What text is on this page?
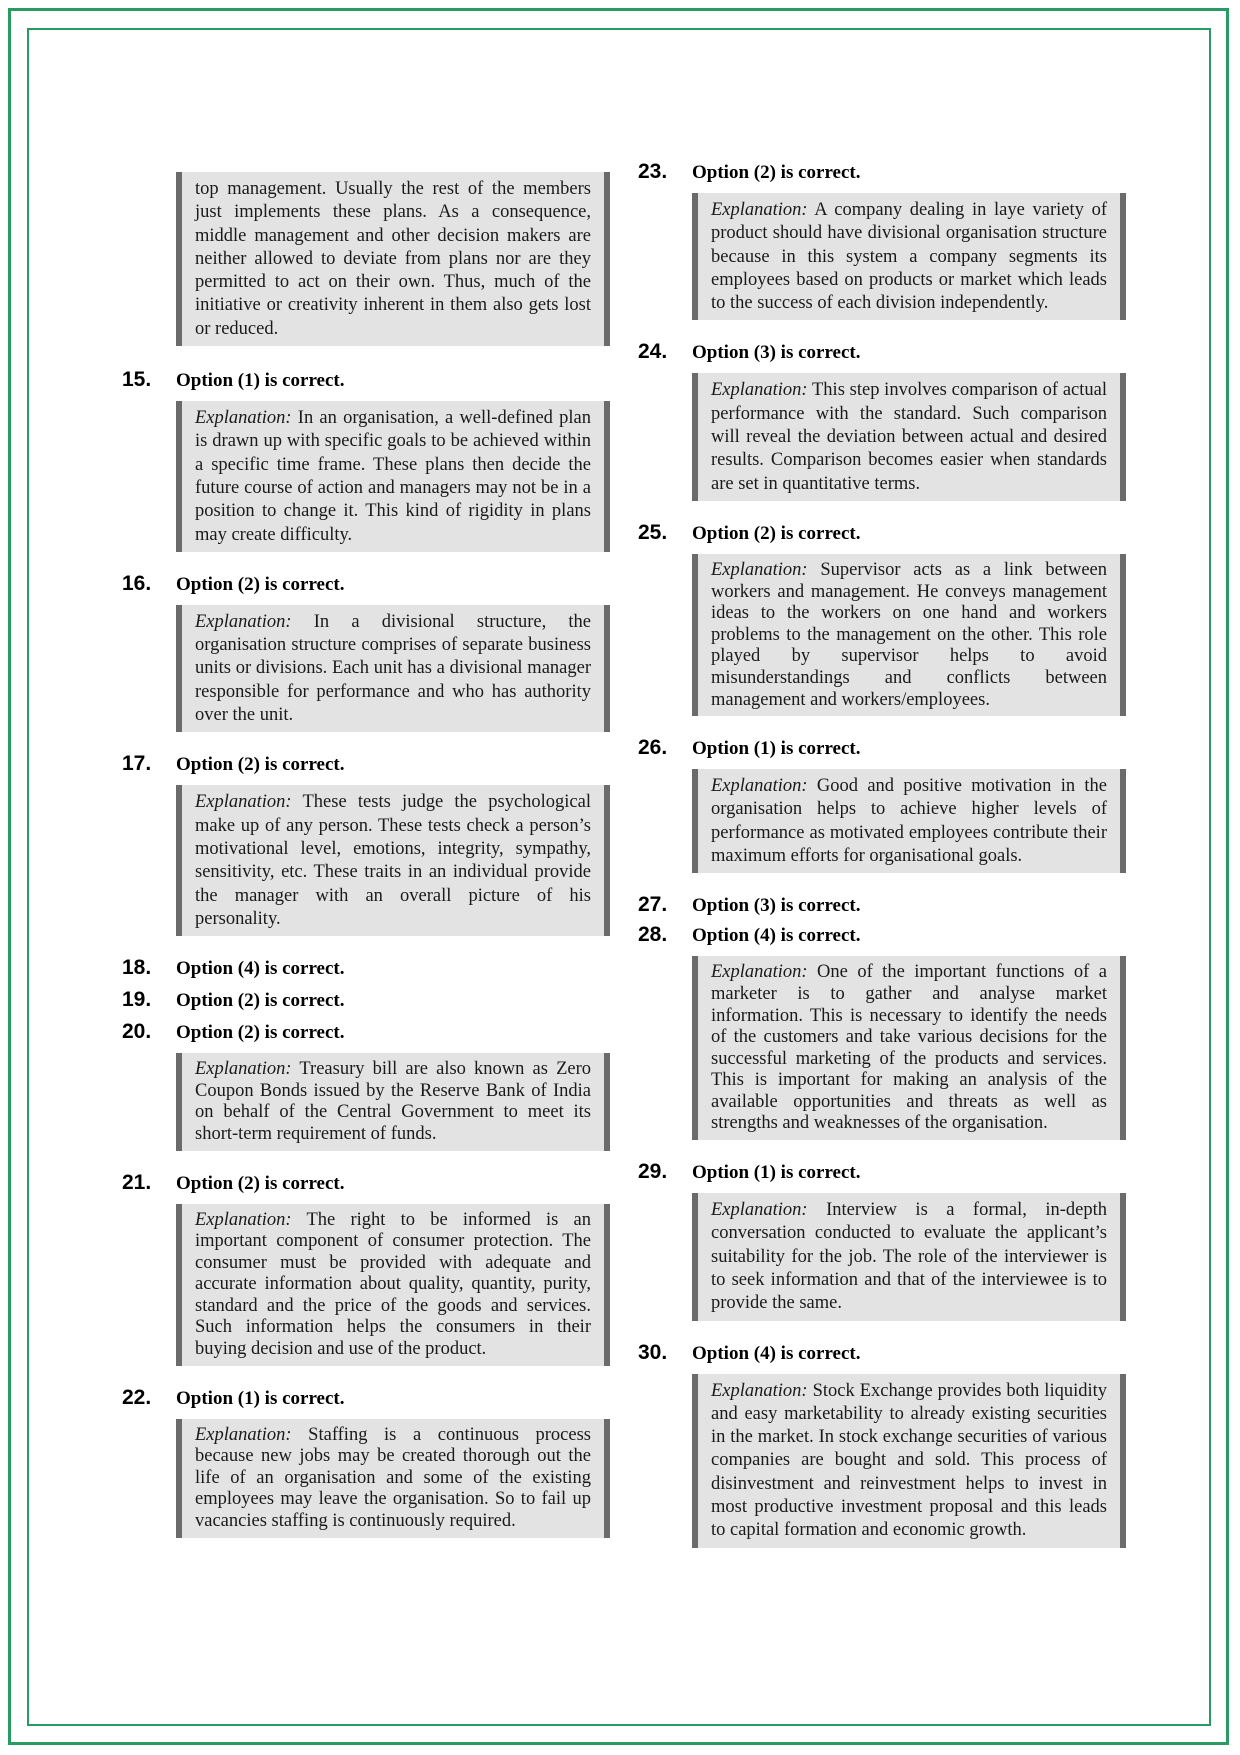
top management. Usually the rest of the members just implements these plans. As a consequence, middle management and other decision makers are neither allowed to deviate from plans nor are they permitted to act on their own. Thus, much of the initiative or creativity inherent in them also gets lost or reduced.
15.	Option (1) is correct.
Explanation: In an organisation, a well-defined plan is drawn up with specific goals to be achieved within a specific time frame. These plans then decide the future course of action and managers may not be in a position to change it. This kind of rigidity in plans may create difficulty.
16.	Option (2) is correct.
Explanation: In a divisional structure, the organisation structure comprises of separate business units or divisions. Each unit has a divisional manager responsible for performance and who has authority over the unit.
17.	Option (2) is correct.
Explanation: These tests judge the psychological make up of any person. These tests check a person’s motivational level, emotions, integrity, sympathy, sensitivity, etc. These traits in an individual provide the manager with an overall picture of his personality.
18.	Option (4) is correct.
19.	Option (2) is correct.
20.	Option (2) is correct.
Explanation: Treasury bill are also known as Zero Coupon Bonds issued by the Reserve Bank of India on behalf of the Central Government to meet its short-term requirement of funds.
21.	Option (2) is correct.
Explanation: The right to be informed is an important component of consumer protection. The consumer must be provided with adequate and accurate information about quality, quantity, purity, standard and the price of the goods and services. Such information helps the consumers in their buying decision and use of the product.
22.	Option (1) is correct.
Explanation: Staffing is a continuous process because new jobs may be created thorough out the life of an organisation and some of the existing employees may leave the organisation. So to fail up vacancies staffing is continuously required.
23.	Option (2) is correct.
Explanation: A company dealing in laye variety of product should have divisional organisation structure because in this system a company segments its employees based on products or market which leads to the success of each division independently.
24.	Option (3) is correct.
Explanation: This step involves comparison of actual performance with the standard. Such comparison will reveal the deviation between actual and desired results. Comparison becomes easier when standards are set in quantitative terms.
25.	Option (2) is correct.
Explanation: Supervisor acts as a link between workers and management. He conveys management ideas to the workers on one hand and workers problems to the management on the other. This role played by supervisor helps to avoid misunderstandings and conflicts between management and workers/employees.
26.	Option (1) is correct.
Explanation: Good and positive motivation in the organisation helps to achieve higher levels of performance as motivated employees contribute their maximum efforts for organisational goals.
27.	Option (3) is correct.
28.	Option (4) is correct.
Explanation: One of the important functions of a marketer is to gather and analyse market information. This is necessary to identify the needs of the customers and take various decisions for the successful marketing of the products and services. This is important for making an analysis of the available opportunities and threats as well as strengths and weaknesses of the organisation.
29.	Option (1) is correct.
Explanation: Interview is a formal, in-depth conversation conducted to evaluate the applicant’s suitability for the job. The role of the interviewer is to seek information and that of the interviewee is to provide the same.
30.	Option (4) is correct.
Explanation: Stock Exchange provides both liquidity and easy marketability to already existing securities in the market. In stock exchange securities of various companies are bought and sold. This process of disinvestment and reinvestment helps to invest in most productive investment proposal and this leads to capital formation and economic growth.
